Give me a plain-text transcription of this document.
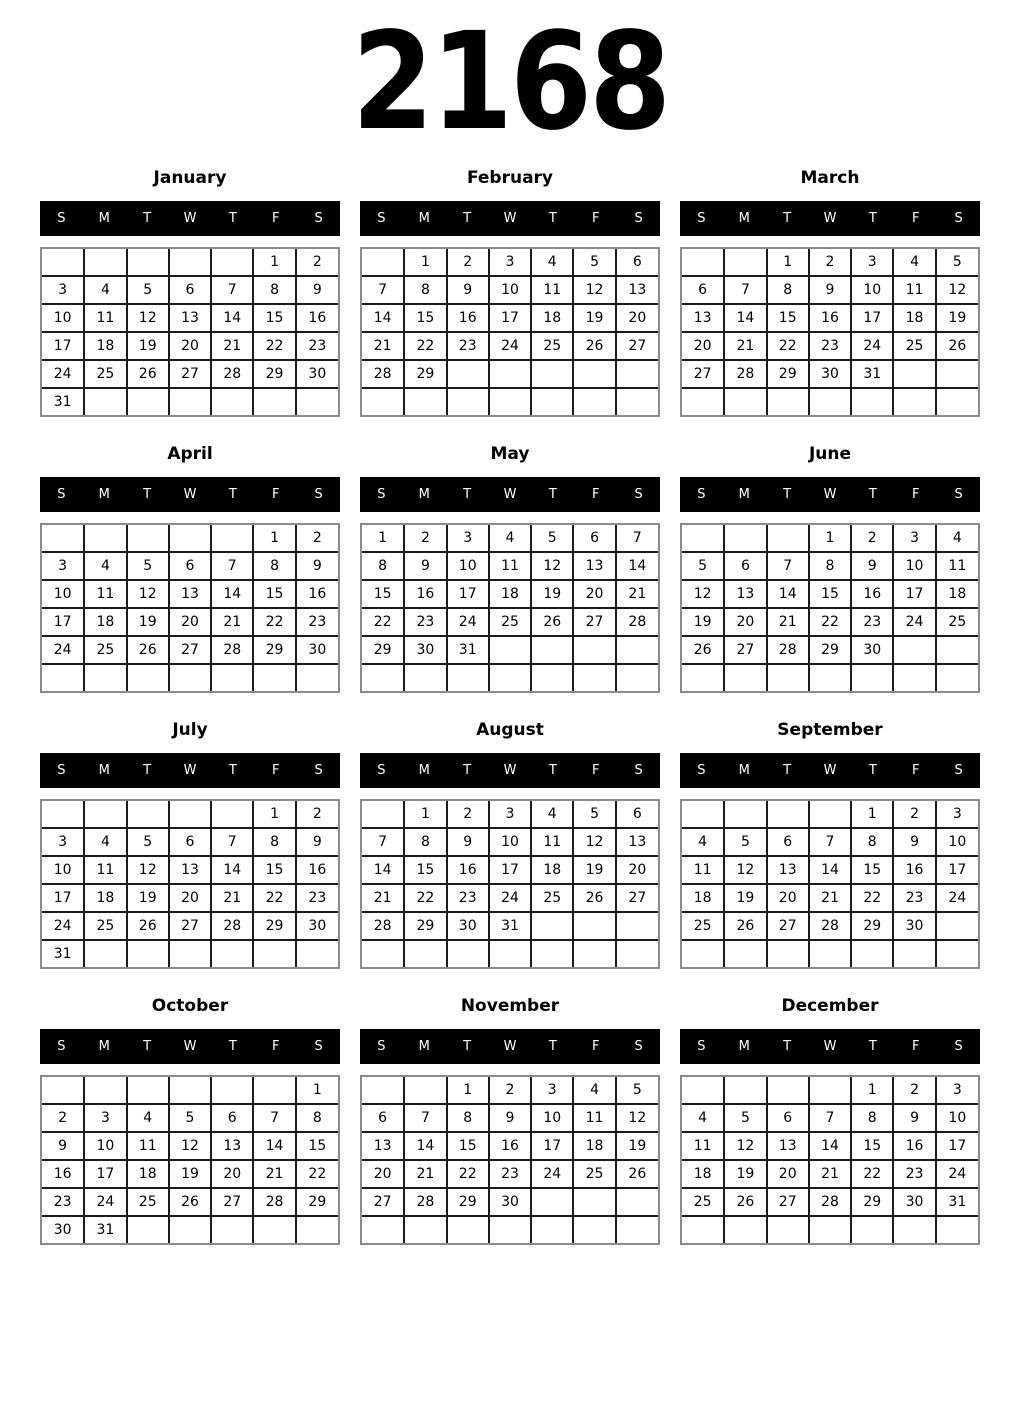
2168
January
S	M	T	W	T	F	S
					1	2
3	4	5	6	7	8	9
10	11	12	13	14	15	16
17	18	19	20	21	22	23
24	25	26	27	28	29	30
31						
February
S	M	T	W	T	F	S
	1	2	3	4	5	6
7	8	9	10	11	12	13
14	15	16	17	18	19	20
21	22	23	24	25	26	27
28	29					

March
S	M	T	W	T	F	S
		1	2	3	4	5
6	7	8	9	10	11	12
13	14	15	16	17	18	19
20	21	22	23	24	25	26
27	28	29	30	31		

April
S	M	T	W	T	F	S
					1	2
3	4	5	6	7	8	9
10	11	12	13	14	15	16
17	18	19	20	21	22	23
24	25	26	27	28	29	30

May
S	M	T	W	T	F	S
1	2	3	4	5	6	7
8	9	10	11	12	13	14
15	16	17	18	19	20	21
22	23	24	25	26	27	28
29	30	31				

June
S	M	T	W	T	F	S
			1	2	3	4
5	6	7	8	9	10	11
12	13	14	15	16	17	18
19	20	21	22	23	24	25
26	27	28	29	30		

July
S	M	T	W	T	F	S
					1	2
3	4	5	6	7	8	9
10	11	12	13	14	15	16
17	18	19	20	21	22	23
24	25	26	27	28	29	30
31						
August
S	M	T	W	T	F	S
	1	2	3	4	5	6
7	8	9	10	11	12	13
14	15	16	17	18	19	20
21	22	23	24	25	26	27
28	29	30	31			

September
S	M	T	W	T	F	S
				1	2	3
4	5	6	7	8	9	10
11	12	13	14	15	16	17
18	19	20	21	22	23	24
25	26	27	28	29	30	

October
S	M	T	W	T	F	S
						1
2	3	4	5	6	7	8
9	10	11	12	13	14	15
16	17	18	19	20	21	22
23	24	25	26	27	28	29
30	31					
November
S	M	T	W	T	F	S
		1	2	3	4	5
6	7	8	9	10	11	12
13	14	15	16	17	18	19
20	21	22	23	24	25	26
27	28	29	30			

December
S	M	T	W	T	F	S
				1	2	3
4	5	6	7	8	9	10
11	12	13	14	15	16	17
18	19	20	21	22	23	24
25	26	27	28	29	30	31
